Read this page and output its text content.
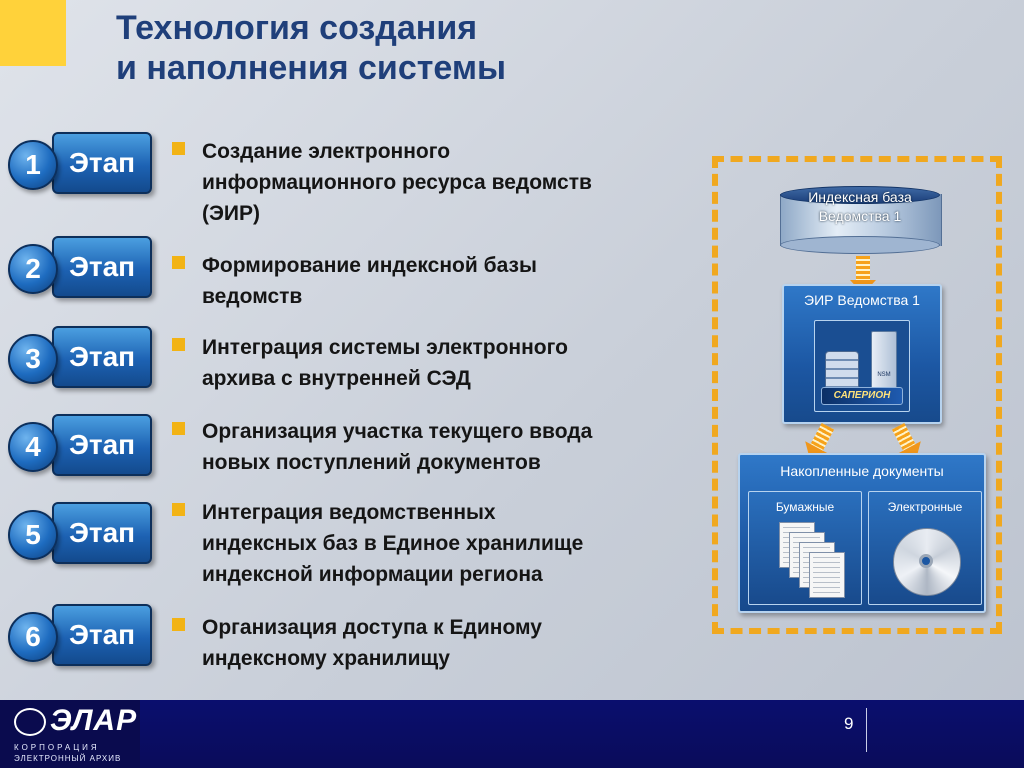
Технология создания
и наполнения системы
1	Этап
2	Этап
3	Этап
4	Этап
5	Этап
6	Этап
Создание электронного
информационного ресурса ведомств
(ЭИР)
Формирование индексной базы
ведомств
Интеграция системы электронного
архива с внутренней СЭД
Организация участка текущего ввода
новых поступлений документов
Интеграция ведомственных
индексных баз в Единое хранилище
индексной информации региона
Организация доступа к Единому
индексному хранилищу
Индексная база
Ведомства 1
ЭИР Ведомства 1
NSM
САПЕРИОН
Накопленные документы
Бумажные	Электронные
ЭЛАР
КОРПОРАЦИЯ
ЭЛЕКТРОННЫЙ АРХИВ
9
